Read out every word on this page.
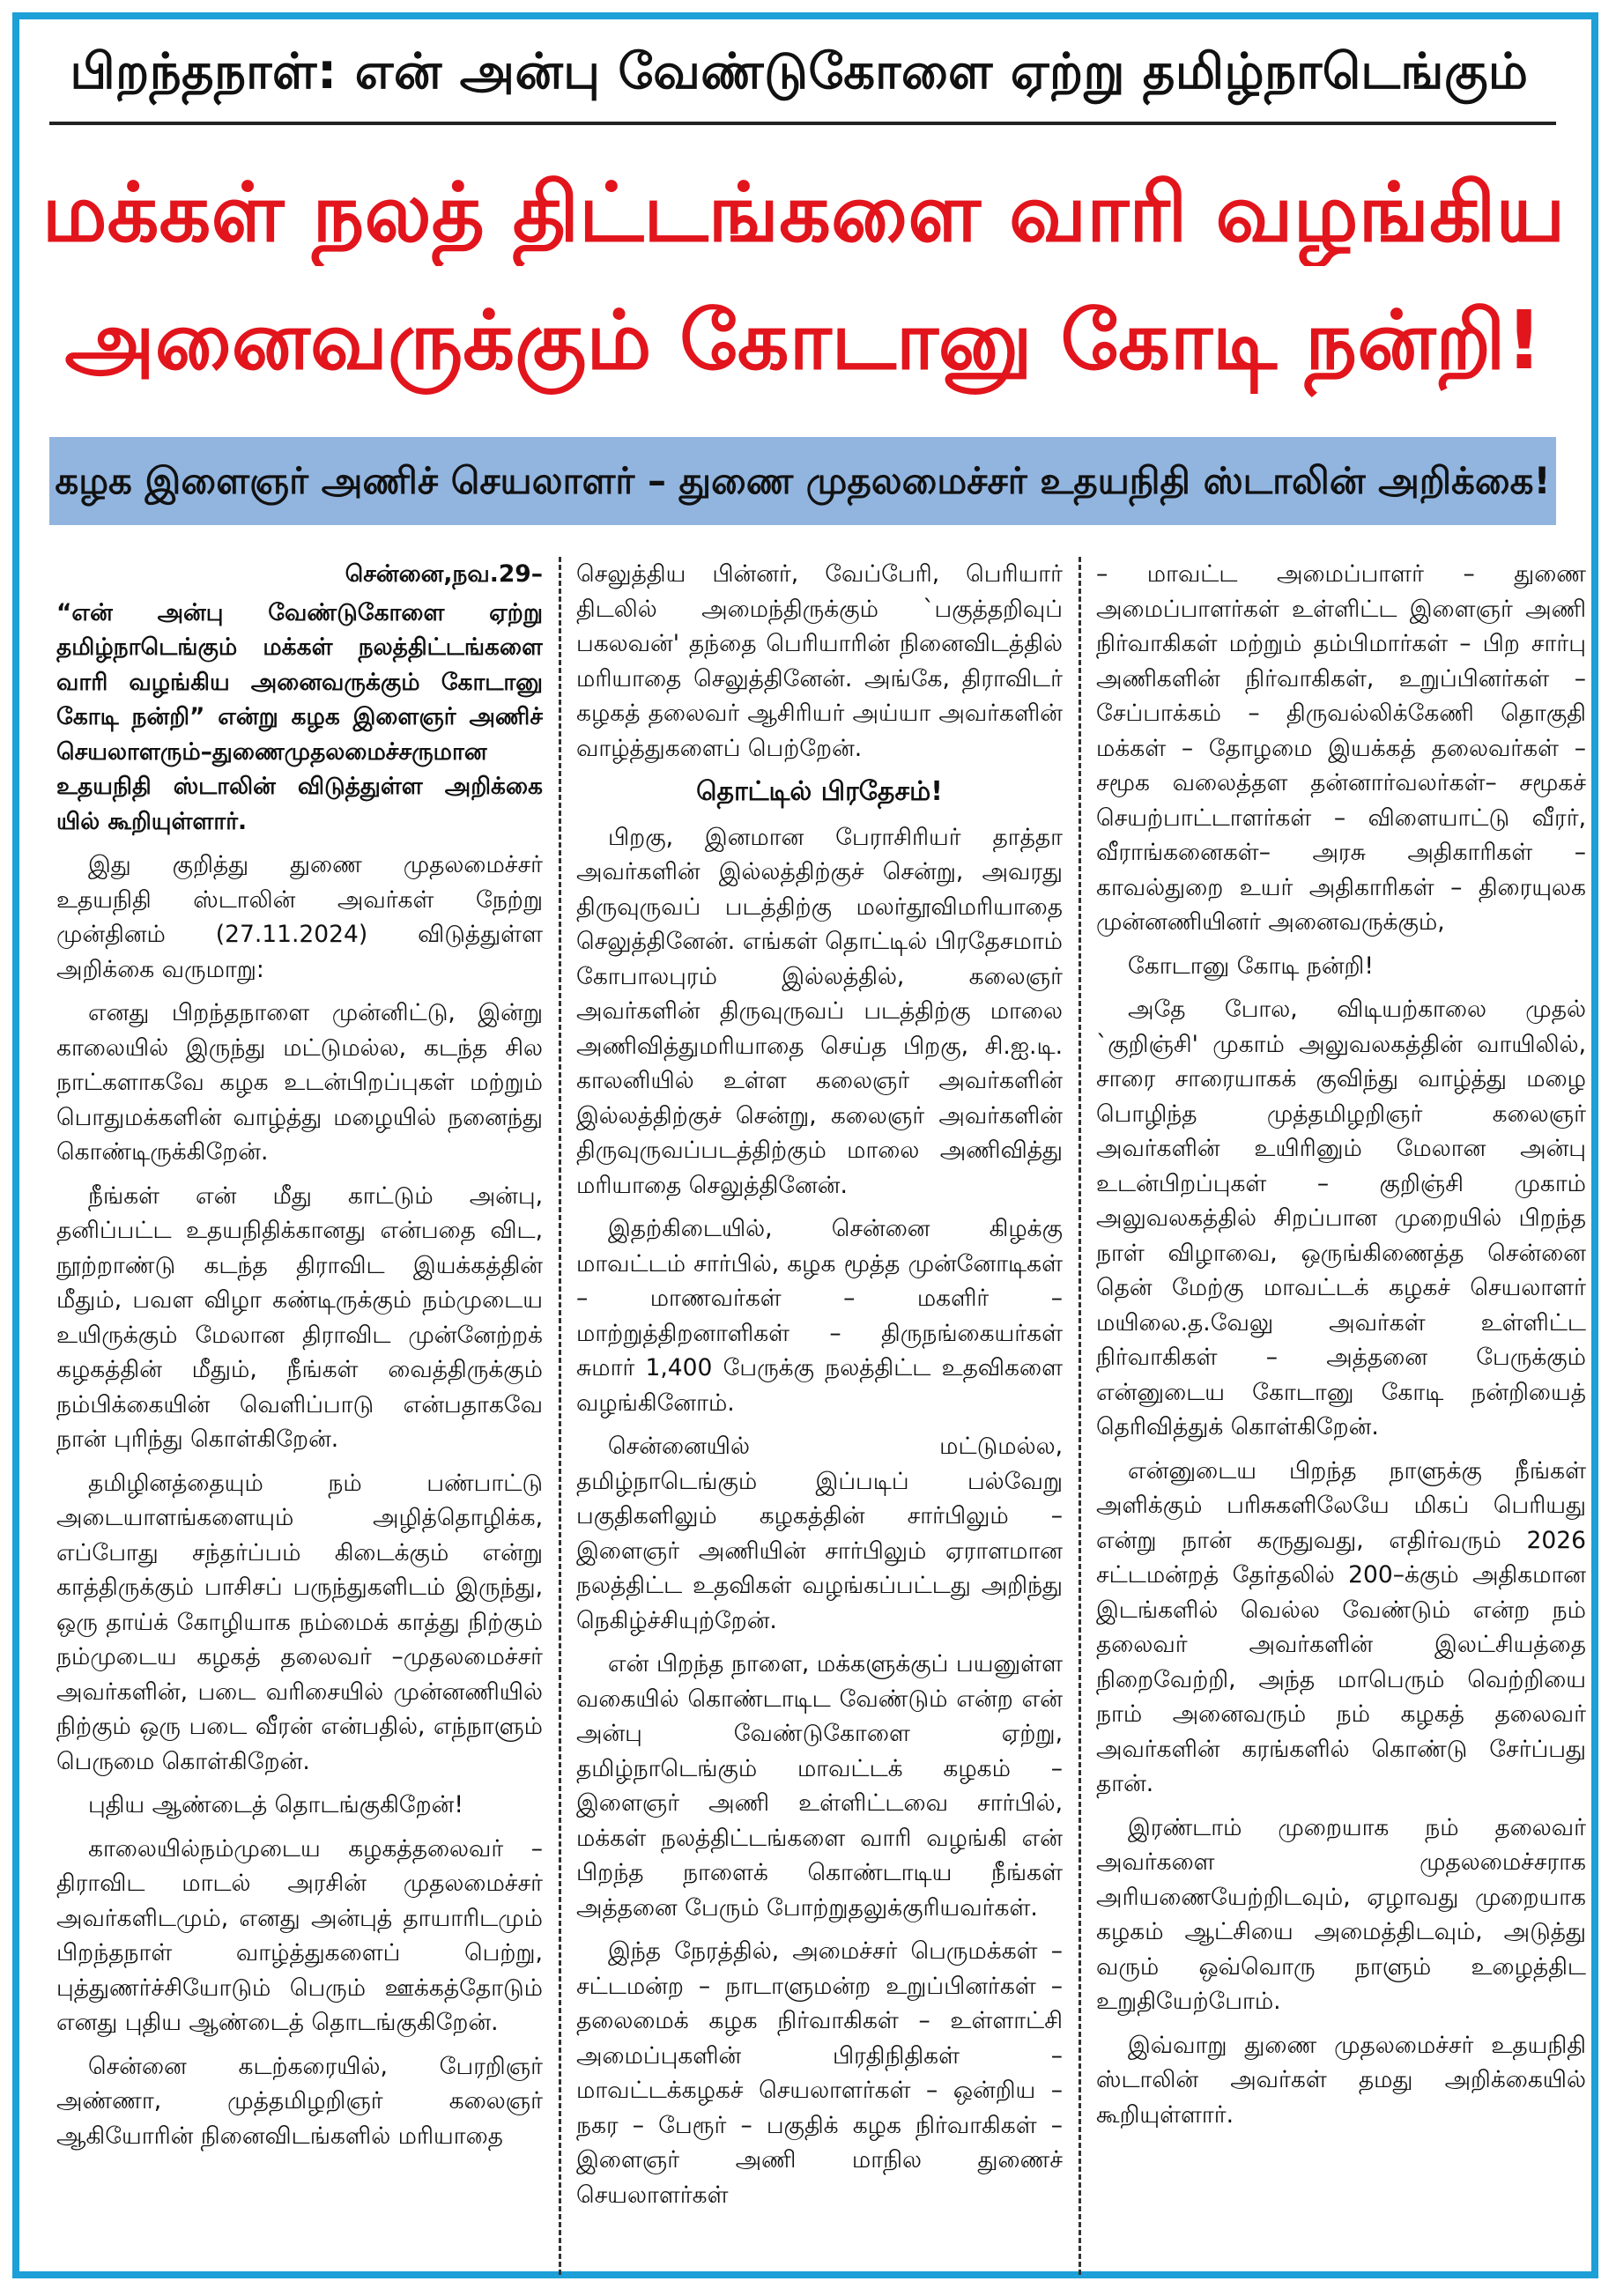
பிறந்தநாள்: என் அன்பு வேண்டுகோளை ஏற்று தமிழ்நாடெங்கும்
மக்கள் நலத் திட்டங்களை வாரி வழங்கிய
அனைவருக்கும் கோடானு கோடி நன்றி!
கழக இளைஞர் அணிச் செயலாளர் – துணை முதலமைச்சர் உதயநிதி ஸ்டாலின் அறிக்கை!

சென்னை,நவ.29–

“என் அன்பு வேண்டுகோளை ஏற்று தமிழ்நாடெங்கும் மக்கள் நலத்திட்டங்களை வாரி வழங்கிய அனைவருக்கும் கோடானு கோடி நன்றி” என்று கழக இளைஞர் அணிச் செயலாளரும்–துணைமுதலமைச்சருமான உதயநிதி ஸ்டாலின் விடுத்துள்ள அறிக்கை யில் கூறியுள்ளார்.

இது குறித்து துணை முதலமைச்சர் உதயநிதி ஸ்டாலின் அவர்கள் நேற்று முன்தினம் (27.11.2024) விடுத்துள்ள அறிக்கை வருமாறு:

எனது பிறந்தநாளை முன்னிட்டு, இன்று காலையில் இருந்து மட்டுமல்ல, கடந்த சில நாட்களாகவே கழக உடன்பிறப்புகள் மற்றும் பொதுமக்களின் வாழ்த்து மழையில் நனைந்து கொண்டிருக்கிறேன்.

நீங்கள் என் மீது காட்டும் அன்பு, தனிப்பட்ட உதயநிதிக்கானது என்பதை விட, நூற்றாண்டு கடந்த திராவிட இயக்கத்தின் மீதும், பவள விழா கண்டிருக்கும் நம்முடைய உயிருக்கும் மேலான திராவிட முன்னேற்றக் கழகத்தின் மீதும், நீங்கள் வைத்திருக்கும் நம்பிக்கையின் வெளிப்பாடு என்பதாகவே நான் புரிந்து கொள்கிறேன்.

தமிழினத்தையும் நம் பண்பாட்டு அடையாளங்களையும் அழித்தொழிக்க, எப்போது சந்தர்ப்பம் கிடைக்கும் என்று காத்திருக்கும் பாசிசப் பருந்துகளிடம் இருந்து, ஒரு தாய்க் கோழியாக நம்மைக் காத்து நிற்கும் நம்முடைய கழகத் தலைவர் –முதலமைச்சர் அவர்களின், படை வரிசையில் முன்னணியில் நிற்கும் ஒரு படை வீரன் என்பதில், எந்நாளும் பெருமை கொள்கிறேன்.

புதிய ஆண்டைத் தொடங்குகிறேன்!

காலையில்நம்முடைய கழகத்தலைவர் – திராவிட மாடல் அரசின் முதலமைச்சர் அவர்களிடமும், எனது அன்புத் தாயாரிடமும் பிறந்தநாள் வாழ்த்துகளைப் பெற்று, புத்துணர்ச்சியோடும் பெரும் ஊக்கத்தோடும் எனது புதிய ஆண்டைத் தொடங்குகிறேன்.

சென்னை கடற்கரையில், பேரறிஞர் அண்ணா, முத்தமிழறிஞர் கலைஞர் ஆகியோரின் நினைவிடங்களில் மரியாதை

செலுத்திய பின்னர், வேப்பேரி, பெரியார் திடலில் அமைந்திருக்கும் `பகுத்தறிவுப் பகலவன்' தந்தை பெரியாரின் நினைவிடத்தில் மரியாதை செலுத்தினேன். அங்கே, திராவிடர் கழகத் தலைவர் ஆசிரியர் அய்யா அவர்களின் வாழ்த்துகளைப் பெற்றேன்.

தொட்டில் பிரதேசம்!

பிறகு, இனமான பேராசிரியர் தாத்தா அவர்களின் இல்லத்திற்குச் சென்று, அவரது திருவுருவப் படத்திற்கு மலர்தூவிமரியாதை செலுத்தினேன். எங்கள் தொட்டில் பிரதேசமாம் கோபாலபுரம் இல்லத்தில், கலைஞர் அவர்களின் திருவுருவப் படத்திற்கு மாலை அணிவித்துமரியாதை செய்த பிறகு, சி.ஐ.டி. காலனியில் உள்ள கலைஞர் அவர்களின் இல்லத்திற்குச் சென்று, கலைஞர் அவர்களின் திருவுருவப்படத்திற்கும் மாலை அணிவித்து மரியாதை செலுத்தினேன்.

இதற்கிடையில், சென்னை கிழக்கு மாவட்டம் சார்பில், கழக மூத்த முன்னோடிகள் – மாணவர்கள் – மகளிர் – மாற்றுத்திறனாளிகள் – திருநங்கையர்கள் சுமார் 1,400 பேருக்கு நலத்திட்ட உதவிகளை வழங்கினோம்.

சென்னையில் மட்டுமல்ல, தமிழ்நாடெங்கும் இப்படிப் பல்வேறு பகுதிகளிலும் கழகத்தின் சார்பிலும் – இளைஞர் அணியின் சார்பிலும் ஏராளமான நலத்திட்ட உதவிகள் வழங்கப்பட்டது அறிந்து நெகிழ்ச்சியுற்றேன்.

என் பிறந்த நாளை, மக்களுக்குப் பயனுள்ள வகையில் கொண்டாடிட வேண்டும் என்ற என் அன்பு வேண்டுகோளை ஏற்று, தமிழ்நாடெங்கும் மாவட்டக் கழகம் – இளைஞர் அணி உள்ளிட்டவை சார்பில், மக்கள் நலத்திட்டங்களை வாரி வழங்கி என் பிறந்த நாளைக் கொண்டாடிய நீங்கள் அத்தனை பேரும் போற்றுதலுக்குரியவர்கள்.

இந்த நேரத்தில், அமைச்சர் பெருமக்கள் – சட்டமன்ற – நாடாளுமன்ற உறுப்பினர்கள் – தலைமைக் கழக நிர்வாகிகள் – உள்ளாட்சி அமைப்புகளின் பிரதிநிதிகள் – மாவட்டக்கழகச் செயலாளர்கள் – ஒன்றிய – நகர – பேரூர் – பகுதிக் கழக நிர்வாகிகள் – இளைஞர் அணி மாநில துணைச் செயலாளர்கள்

– மாவட்ட அமைப்பாளர் – துணை அமைப்பாளர்கள் உள்ளிட்ட இளைஞர் அணி நிர்வாகிகள் மற்றும் தம்பிமார்கள் – பிற சார்பு அணிகளின் நிர்வாகிகள், உறுப்பினர்கள் – சேப்பாக்கம் – திருவல்லிக்கேணி தொகுதி மக்கள் – தோழமை இயக்கத் தலைவர்கள் – சமூக வலைத்தள தன்னார்வலர்கள்– சமூகச் செயற்பாட்டாளர்கள் – விளையாட்டு வீரர், வீராங்கனைகள்– அரசு அதிகாரிகள் – காவல்துறை உயர் அதிகாரிகள் – திரையுலக முன்னணியினர் அனைவருக்கும்,

கோடானு கோடி நன்றி!

அதே போல, விடியற்காலை முதல் `குறிஞ்சி' முகாம் அலுவலகத்தின் வாயிலில், சாரை சாரையாகக் குவிந்து வாழ்த்து மழை பொழிந்த முத்தமிழறிஞர் கலைஞர் அவர்களின் உயிரினும் மேலான அன்பு உடன்பிறப்புகள் – குறிஞ்சி முகாம் அலுவலகத்தில் சிறப்பான முறையில் பிறந்த நாள் விழாவை, ஒருங்கிணைத்த சென்னை தென் மேற்கு மாவட்டக் கழகச் செயலாளர் மயிலை.த.வேலு அவர்கள் உள்ளிட்ட நிர்வாகிகள் – அத்தனை பேருக்கும் என்னுடைய கோடானு கோடி நன்றியைத் தெரிவித்துக் கொள்கிறேன்.

என்னுடைய பிறந்த நாளுக்கு நீங்கள் அளிக்கும் பரிசுகளிலேயே மிகப் பெரியது என்று நான் கருதுவது, எதிர்வரும் 2026 சட்டமன்றத் தேர்தலில் 200–க்கும் அதிகமான இடங்களில் வெல்ல வேண்டும் என்ற நம் தலைவர் அவர்களின் இலட்சியத்தை நிறைவேற்றி, அந்த மாபெரும் வெற்றியை நாம் அனைவரும் நம் கழகத் தலைவர் அவர்களின் கரங்களில் கொண்டு சேர்ப்பது தான்.

இரண்டாம் முறையாக நம் தலைவர் அவர்களை முதலமைச்சராக அரியணையேற்றிடவும், ஏழாவது முறையாக கழகம் ஆட்சியை அமைத்திடவும், அடுத்து வரும் ஒவ்வொரு நாளும் உழைத்திட உறுதியேற்போம்.

இவ்வாறு துணை முதலமைச்சர் உதயநிதி ஸ்டாலின் அவர்கள் தமது அறிக்கையில் கூறியுள்ளார்.
